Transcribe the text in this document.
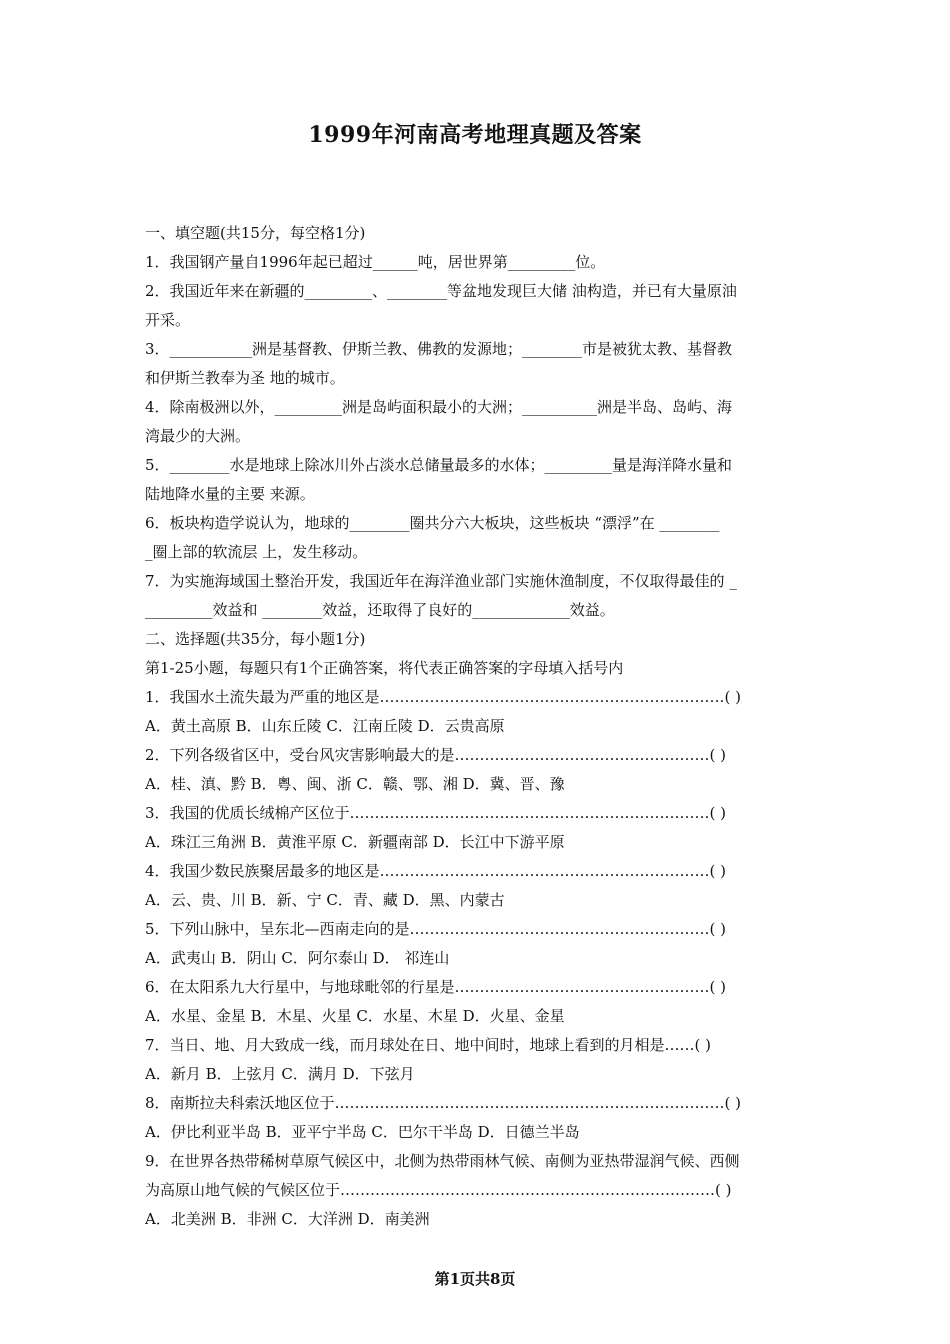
1999年河南高考地理真题及答案
一、填空题(共15分，每空格1分)
1．我国钢产量自1996年起已超过______吨，居世界第_________位。
2．我国近年来在新疆的_________、________等盆地发现巨大储 油构造，并已有大量原油
开采。
3．___________洲是基督教、伊斯兰教、佛教的发源地；________市是被犹太教、基督教
和伊斯兰教奉为圣 地的城市。
4．除南极洲以外，_________洲是岛屿面积最小的大洲；__________洲是半岛、岛屿、海
湾最少的大洲。
5．________水是地球上除冰川外占淡水总储量最多的水体；_________量是海洋降水量和
陆地降水量的主要 来源。
6．板块构造学说认为，地球的________圈共分六大板块，这些板块 “漂浮”在 ________
_圈上部的软流层 上，发生移动。
7．为实施海域国土整治开发，我国近年在海洋渔业部门实施休渔制度，不仅取得最佳的 _
_________效益和 ________效益，还取得了良好的_____________效益。
二、选择题(共35分，每小题1分)
第1-25小题，每题只有1个正确答案，将代表正确答案的字母填入括号内
1．我国水土流失最为严重的地区是……………………………………………………………( )
A．黄土高原 B．山东丘陵 C．江南丘陵 D．云贵高原
2．下列各级省区中，受台风灾害影响最大的是……………………………………………( )
A．桂、滇、黔 B．粤、闽、浙 C．赣、鄂、湘 D．冀、晋、豫
3．我国的优质长绒棉产区位于………………………………………………………………( )
A．珠江三角洲 B．黄淮平原 C．新疆南部 D．长江中下游平原
4．我国少数民族聚居最多的地区是…………………………………………………………( )
A．云、贵、川 B．新、宁 C．青、藏 D．黑、内蒙古
5．下列山脉中，呈东北—西南走向的是……………………………………………………( )
A．武夷山 B．阴山 C．阿尔泰山 D． 祁连山
6．在太阳系九大行星中，与地球毗邻的行星是……………………………………………( )
A．水星、金星 B．木星、火星 C．水星、木星 D．火星、金星
7．当日、地、月大致成一线，而月球处在日、地中间时，地球上看到的月相是……( )
A．新月 B．上弦月 C．满月 D．下弦月
8．南斯拉夫科索沃地区位于……………………………………………………………………( )
A．伊比利亚半岛 B．亚平宁半岛 C．巴尔干半岛 D．日德兰半岛
9．在世界各热带稀树草原气候区中，北侧为热带雨林气候、南侧为亚热带湿润气候、西侧
为高原山地气候的气候区位于…………………………………………………………………( )
A．北美洲 B．非洲 C．大洋洲 D．南美洲
第1页共8页
